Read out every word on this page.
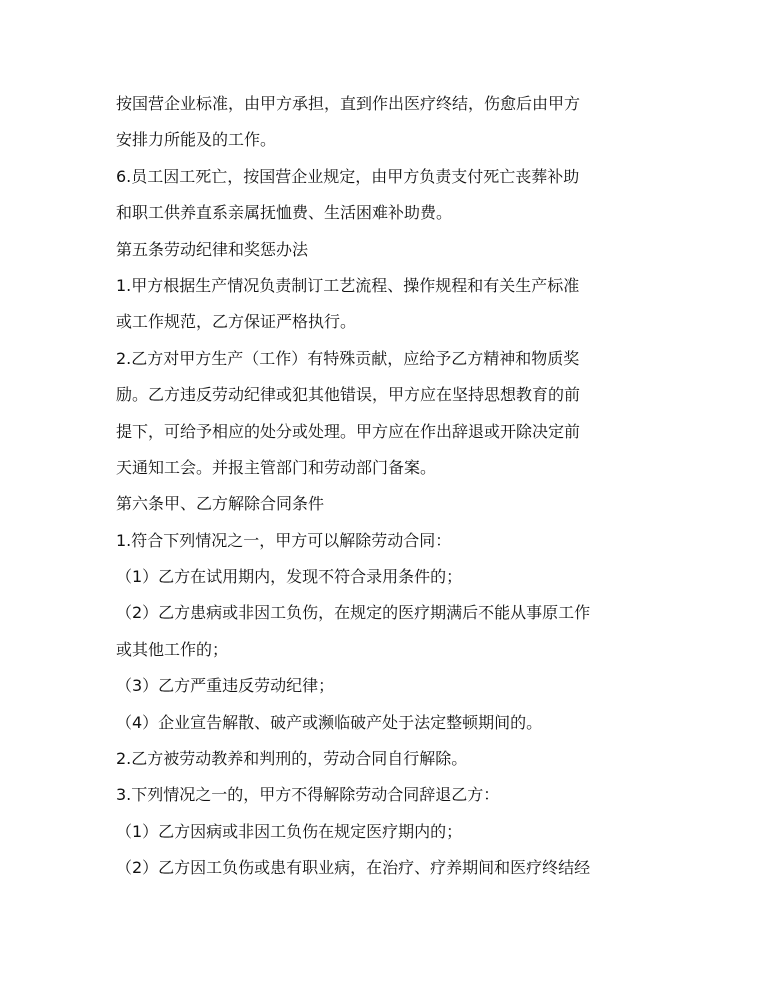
按国营企业标准，由甲方承担，直到作出医疗终结，伤愈后由甲方
安排力所能及的工作。
6.员工因工死亡，按国营企业规定，由甲方负责支付死亡丧葬补助
和职工供养直系亲属抚恤费、生活困难补助费。
第五条劳动纪律和奖惩办法
1.甲方根据生产情况负责制订工艺流程、操作规程和有关生产标准
或工作规范，乙方保证严格执行。
2.乙方对甲方生产（工作）有特殊贡献，应给予乙方精神和物质奖
励。乙方违反劳动纪律或犯其他错误，甲方应在坚持思想教育的前
提下，可给予相应的处分或处理。甲方应在作出辞退或开除决定前
天通知工会。并报主管部门和劳动部门备案。
第六条甲、乙方解除合同条件
1.符合下列情况之一，甲方可以解除劳动合同：
（1）乙方在试用期内，发现不符合录用条件的；
（2）乙方患病或非因工负伤，在规定的医疗期满后不能从事原工作
或其他工作的；
（3）乙方严重违反劳动纪律；
（4）企业宣告解散、破产或濒临破产处于法定整顿期间的。
2.乙方被劳动教养和判刑的，劳动合同自行解除。
3.下列情况之一的，甲方不得解除劳动合同辞退乙方：
（1）乙方因病或非因工负伤在规定医疗期内的；
（2）乙方因工负伤或患有职业病，在治疗、疗养期间和医疗终结经
